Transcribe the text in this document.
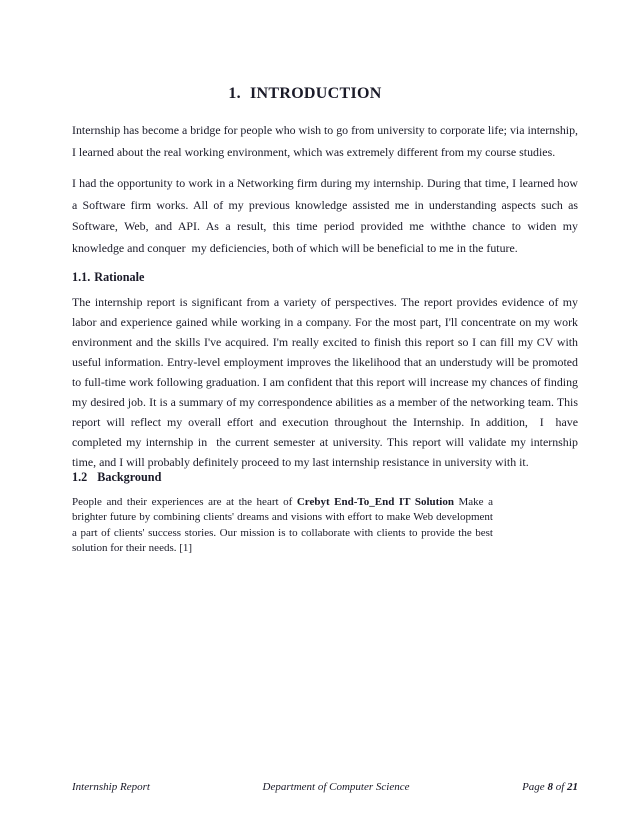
1. INTRODUCTION

Internship has become a bridge for people who wish to go from university to corporate life; via internship, I learned about the real working environment, which was extremely different from my course studies.

I had the opportunity to work in a Networking firm during my internship. During that time, I learned how a Software firm works. All of my previous knowledge assisted me in understanding aspects such as Software, Web, and API. As a result, this time period provided me withthe chance to widen my knowledge and conquer  my deficiencies, both of which will be beneficial to me in the future.

1.1. Rationale

The internship report is significant from a variety of perspectives. The report provides evidence of my labor and experience gained while working in a company. For the most part, I'll concentrate on my work environment and the skills I've acquired. I'm really excited to finish this report so I can fill my CV with useful information. Entry-level employment improves the likelihood that an understudy will be promoted to full-time work following graduation. I am confident that this report will increase my chances of finding my desired job. It is a summary of my correspondence abilities as a member of the networking team. This report will reflect my overall effort and execution throughout the Internship. In addition,  I  have completed my internship in  the current semester at university. This report will validate my internship time, and I will probably definitely proceed to my last internship resistance in university with it.

1.2 Background

People and their experiences are at the heart of Crebyt End-To_End IT Solution Make a brighter future by combining clients' dreams and visions with effort to make Web development a part of clients' success stories. Our mission is to collaborate with clients to provide the best solution for their needs. [1]

Internship Report	Department of Computer Science	Page 8 of 21
